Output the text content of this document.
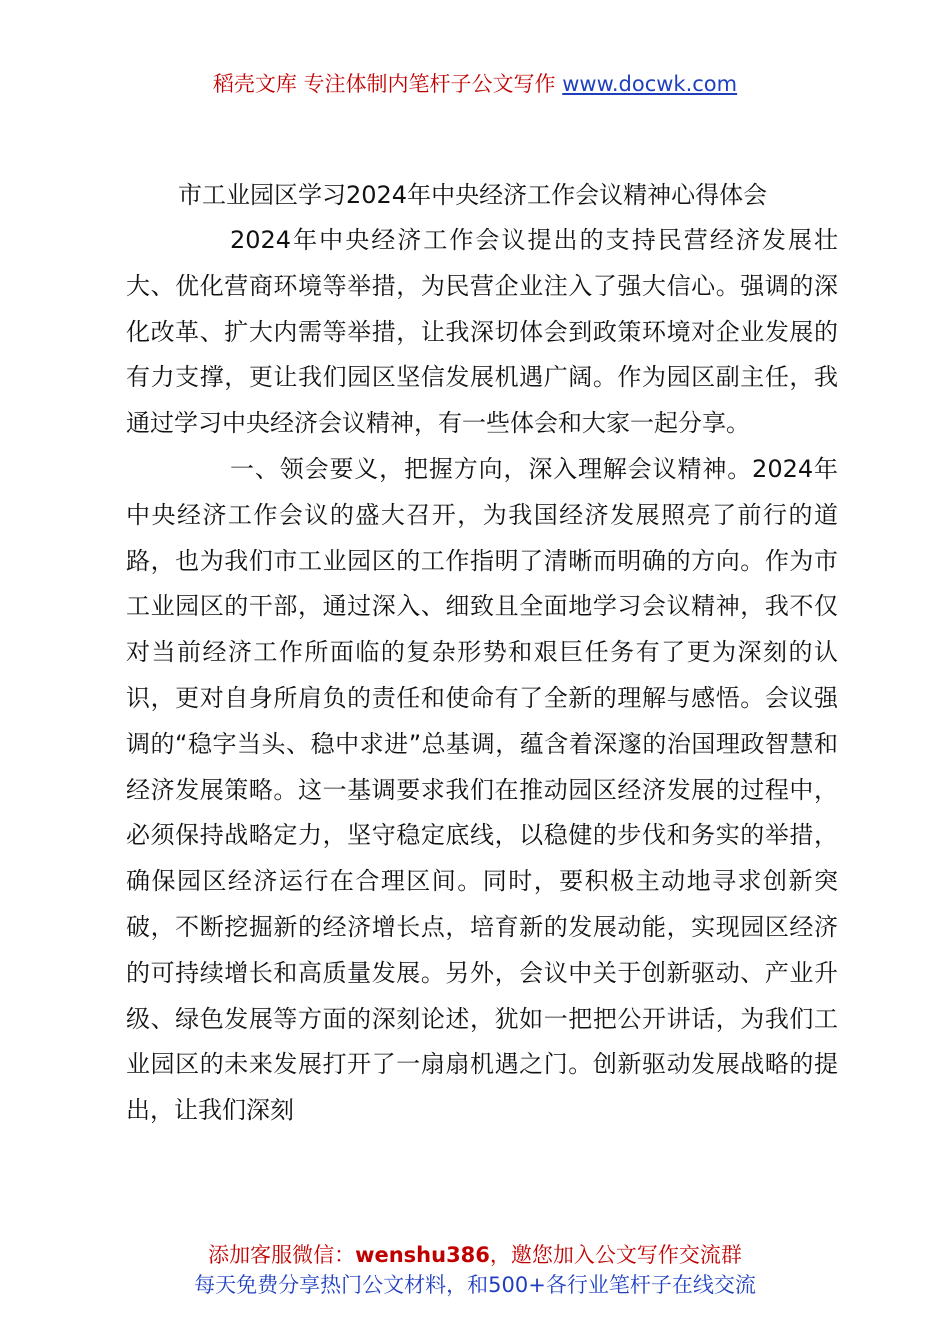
稻壳文库 专注体制内笔杆子公文写作 www.docwk.com
市工业园区学习2024年中央经济工作会议精神心得体会

2024年中央经济工作会议提出的支持民营经济发展壮大、优化营商环境等举措，为民营企业注入了强大信心。强调的深化改革、扩大内需等举措，让我深切体会到政策环境对企业发展的有力支撑，更让我们园区坚信发展机遇广阔。作为园区副主任，我通过学习中央经济会议精神，有一些体会和大家一起分享。

一、领会要义，把握方向，深入理解会议精神。2024年中央经济工作会议的盛大召开，为我国经济发展照亮了前行的道路，也为我们市工业园区的工作指明了清晰而明确的方向。作为市工业园区的干部，通过深入、细致且全面地学习会议精神，我不仅对当前经济工作所面临的复杂形势和艰巨任务有了更为深刻的认识，更对自身所肩负的责任和使命有了全新的理解与感悟。会议强调的“稳字当头、稳中求进”总基调，蕴含着深邃的治国理政智慧和经济发展策略。这一基调要求我们在推动园区经济发展的过程中，必须保持战略定力，坚守稳定底线，以稳健的步伐和务实的举措，确保园区经济运行在合理区间。同时，要积极主动地寻求创新突破，不断挖掘新的经济增长点，培育新的发展动能，实现园区经济的可持续增长和高质量发展。另外，会议中关于创新驱动、产业升级、绿色发展等方面的深刻论述，犹如一把把公开讲话，为我们工业园区的未来发展打开了一扇扇机遇之门。创新驱动发展战略的提出，让我们深刻

添加客服微信：wenshu386，邀您加入公文写作交流群
每天免费分享热门公文材料，和500+各行业笔杆子在线交流
